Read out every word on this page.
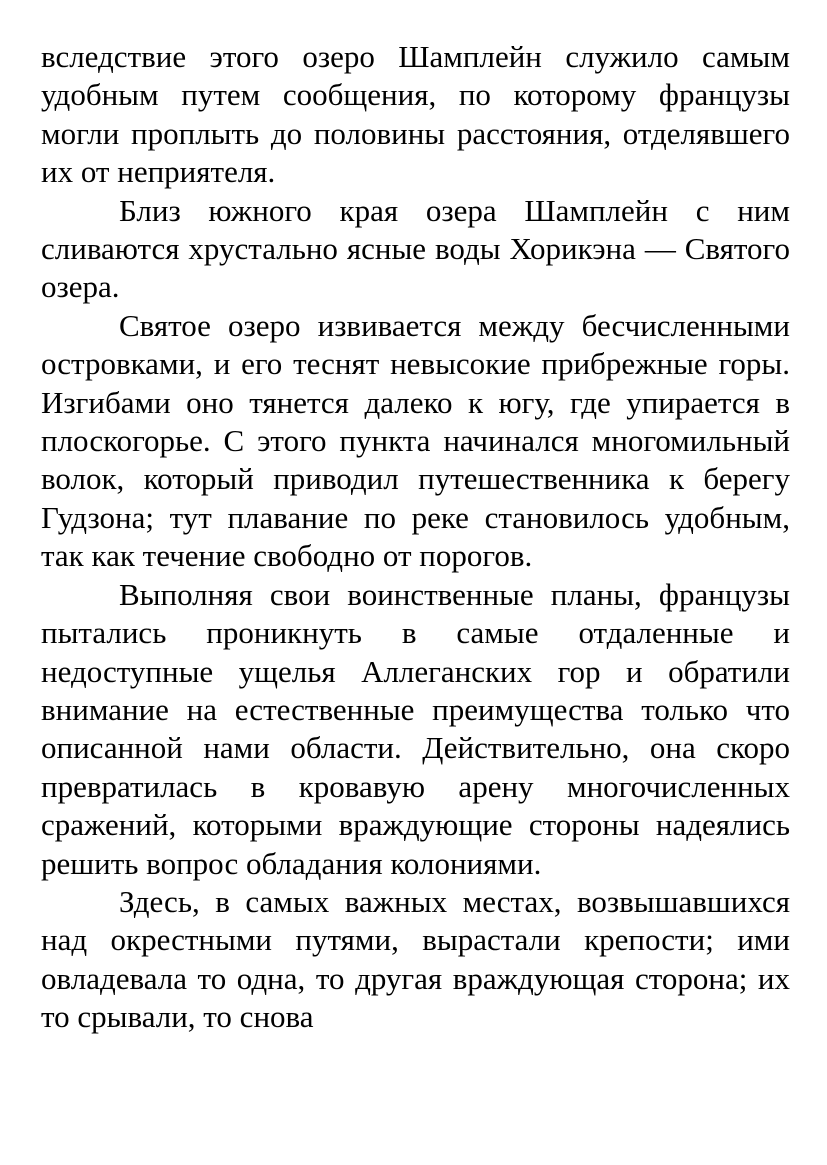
вследствие этого озеро Шамплейн служило самым удобным путем сообщения, по которому французы могли проплыть до половины расстояния, отделявшего их от неприятеля.

Близ южного края озера Шамплейн с ним сливаются хрустально ясные воды Хорикэна — Святого озера.

Святое озеро извивается между бесчисленными островками, и его теснят невысокие прибрежные горы. Изгибами оно тянется далеко к югу, где упирается в плоскогорье. С этого пункта начинался многомильный волок, который приводил путешественника к берегу Гудзона; тут плавание по реке становилось удобным, так как течение свободно от порогов.

Выполняя свои воинственные планы, французы пытались проникнуть в самые отдаленные и недоступные ущелья Аллеганских гор и обратили внимание на естественные преимущества только что описанной нами области. Действительно, она скоро превратилась в кровавую арену многочисленных сражений, которыми враждующие стороны надеялись решить вопрос обладания колониями.

Здесь, в самых важных местах, возвышавшихся над окрестными путями, вырастали крепости; ими овладевала то одна, то другая враждующая сторона; их то срывали, то снова
